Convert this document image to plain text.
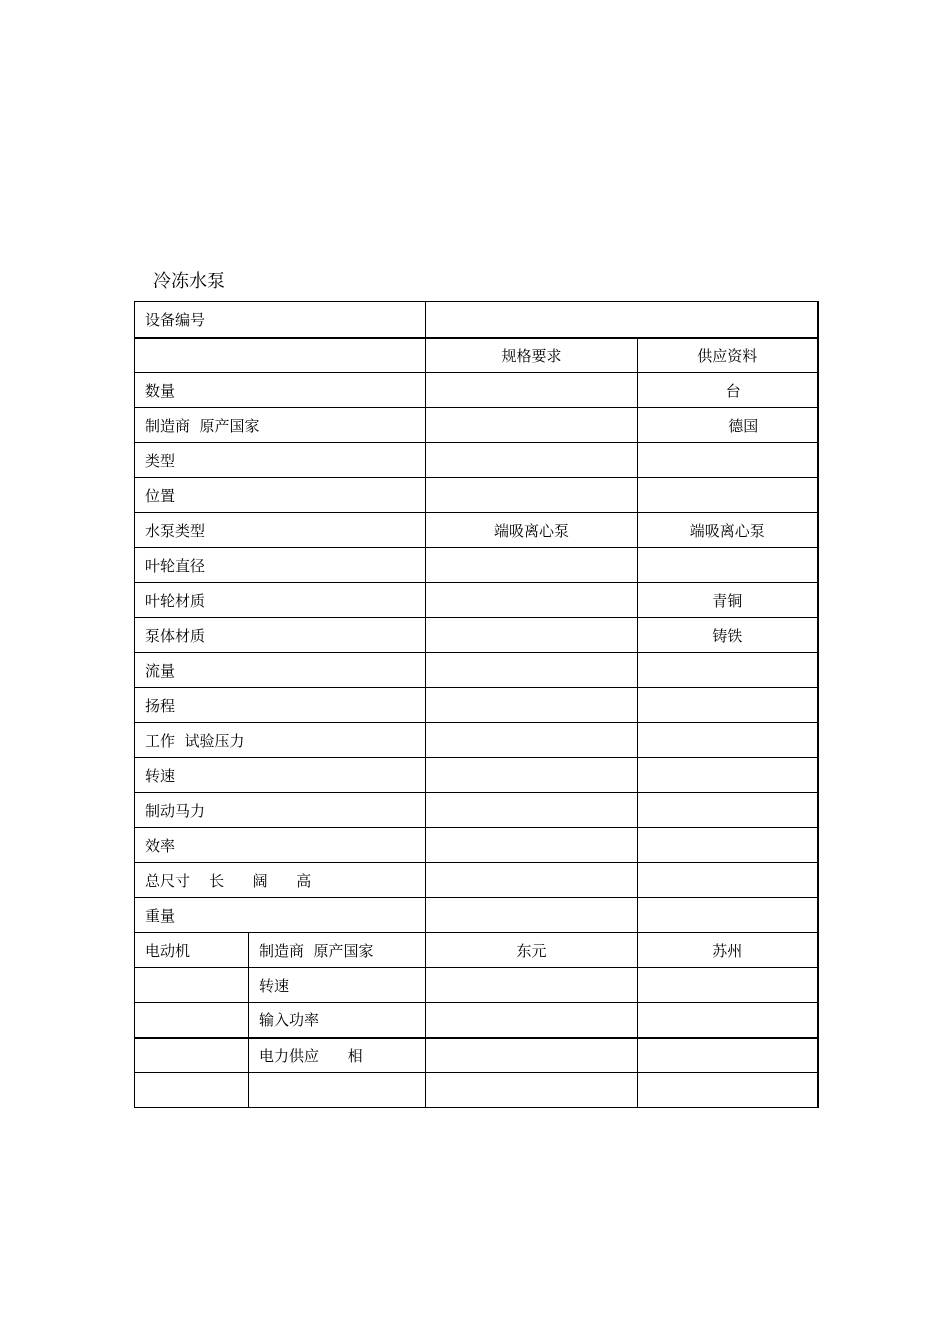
冷冻水泵
设备编号			
		规格要求	供应资料
数量			台
制造商  原产国家			德国
类型			
位置			
水泵类型		端吸离心泵	端吸离心泵
叶轮直径			
叶轮材质			青铜
泵体材质			铸铁
流量			
扬程			
工作  试验压力			
转速			
制动马力			
效率			
总尺寸    长      阔      高			
重量			
电动机	制造商  原产国家	东元	苏州
	转速		
	输入功率		
	电力供应      相		
